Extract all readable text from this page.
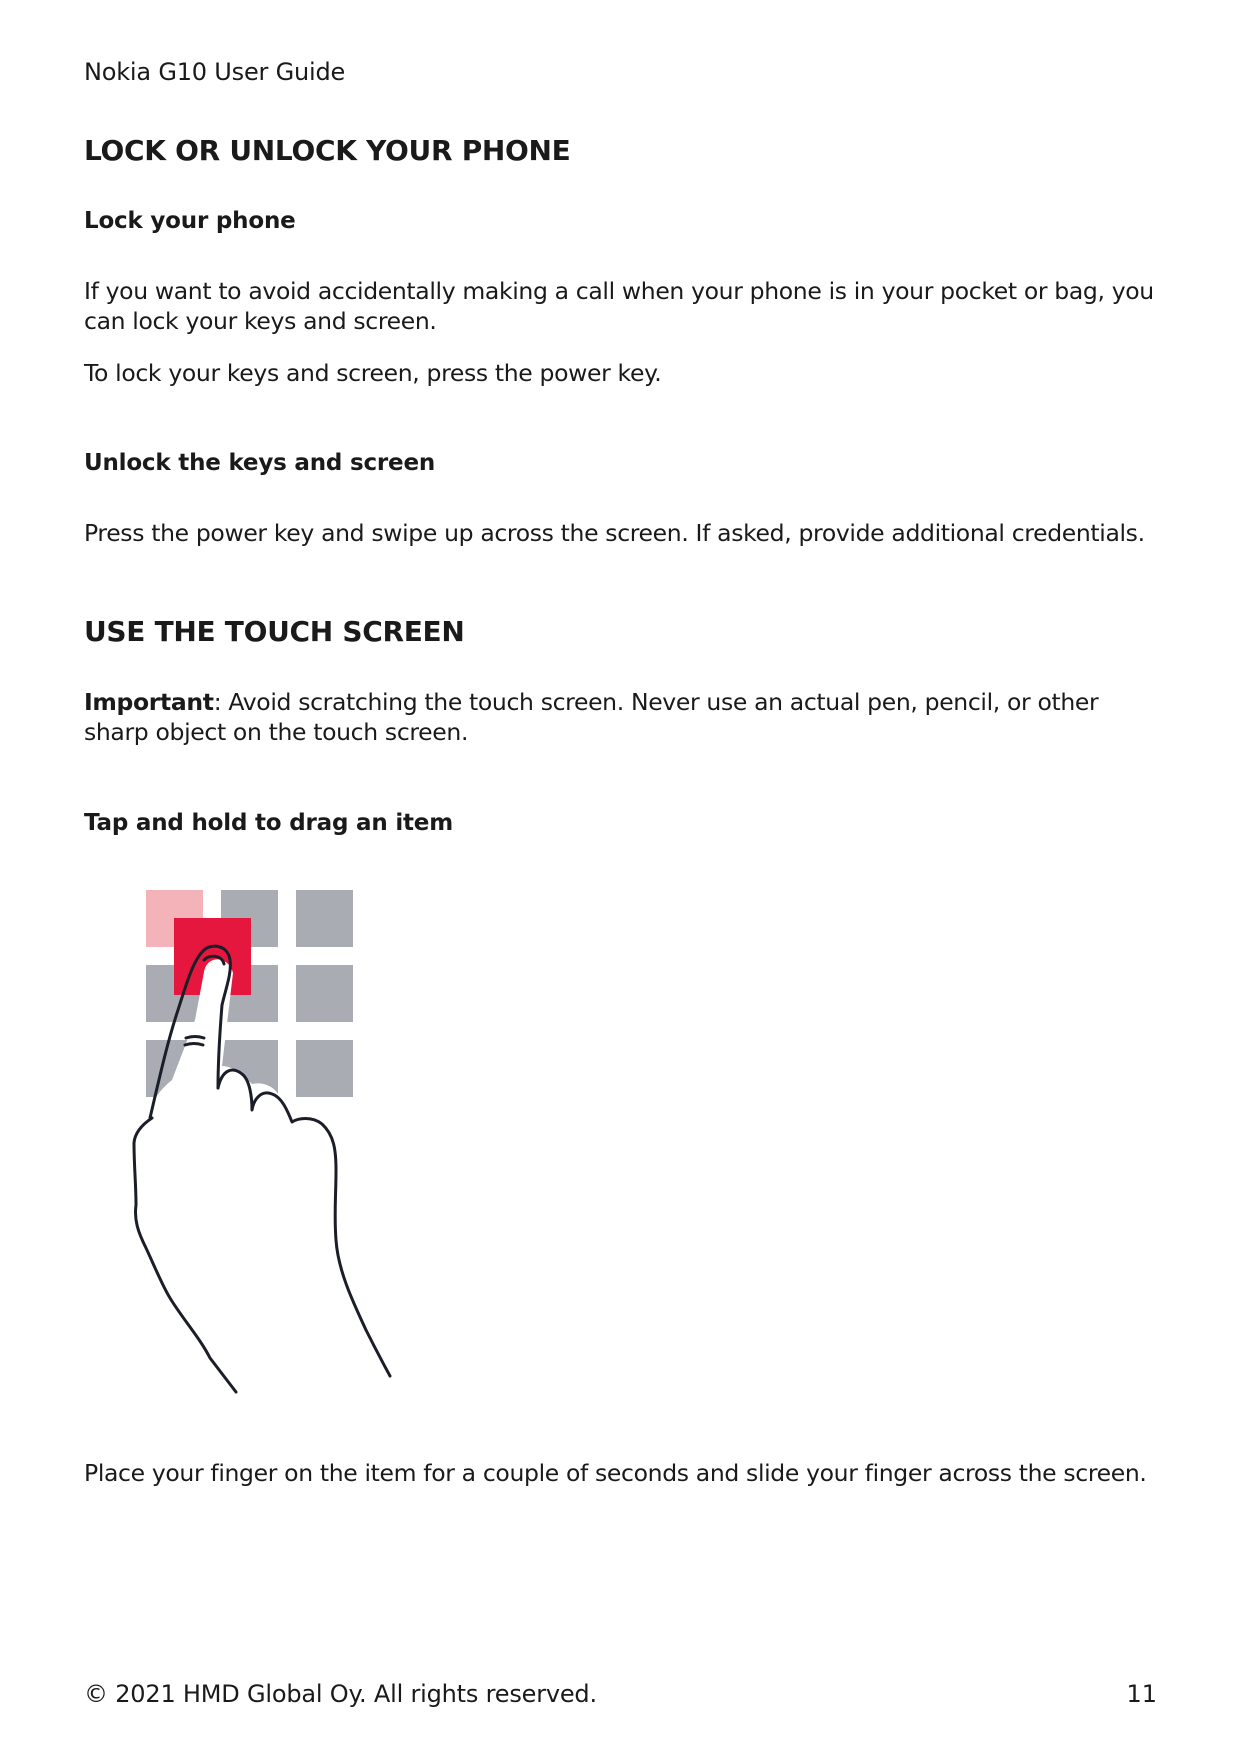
Nokia G10 User Guide
LOCK OR UNLOCK YOUR PHONE
Lock your phone

If you want to avoid accidentally making a call when your phone is in your pocket or bag, you can lock your keys and screen.

To lock your keys and screen, press the power key.

Unlock the keys and screen

Press the power key and swipe up across the screen. If asked, provide additional credentials.

USE THE TOUCH SCREEN

Important: Avoid scratching the touch screen. Never use an actual pen, pencil, or other sharp object on the touch screen.

Tap and hold to drag an item

Place your finger on the item for a couple of seconds and slide your finger across the screen.

© 2021 HMD Global Oy. All rights reserved.	11
